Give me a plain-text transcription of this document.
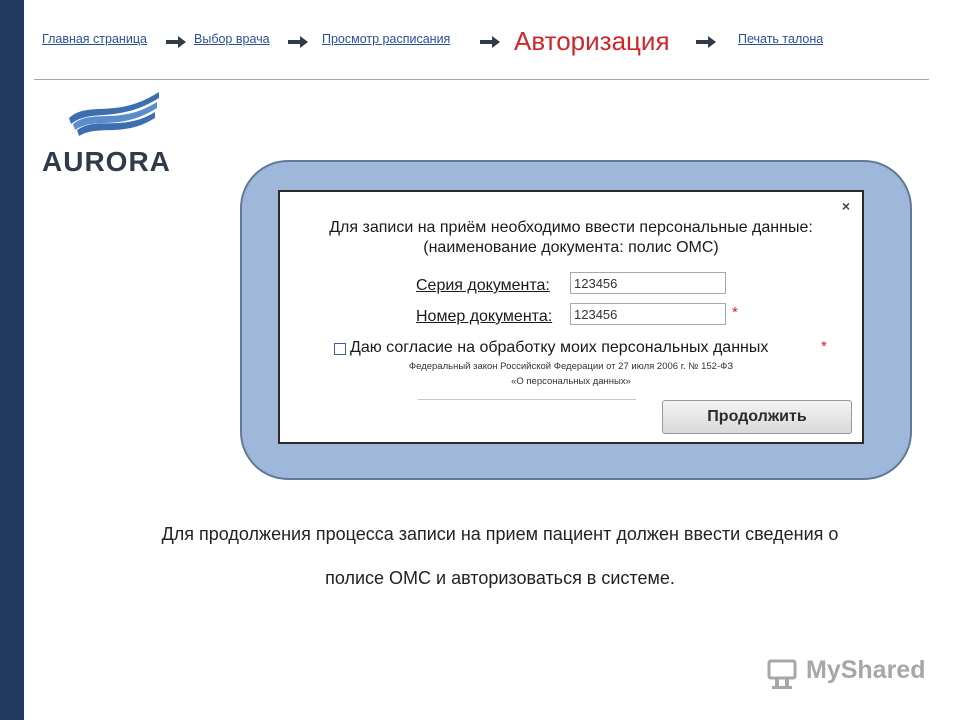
Главная страница	Выбор врача	Просмотр расписания Авторизация	Печать талона
AURORA
×
Для записи на приём необходимо ввести персональные данные:
(наименование документа: полис ОМС)
Серия документа:
123456
Номер документа:
123456	*
Даю согласие на обработку моих персональных данных	*
Федеральный закон Российской Федерации от 27 июля 2006 г. № 152-ФЗ
«О персональных данных»
Продолжить
Для продолжения процесса записи на прием пациент должен ввести сведения о
полисе ОМС и авторизоваться в системе.
MyShared
